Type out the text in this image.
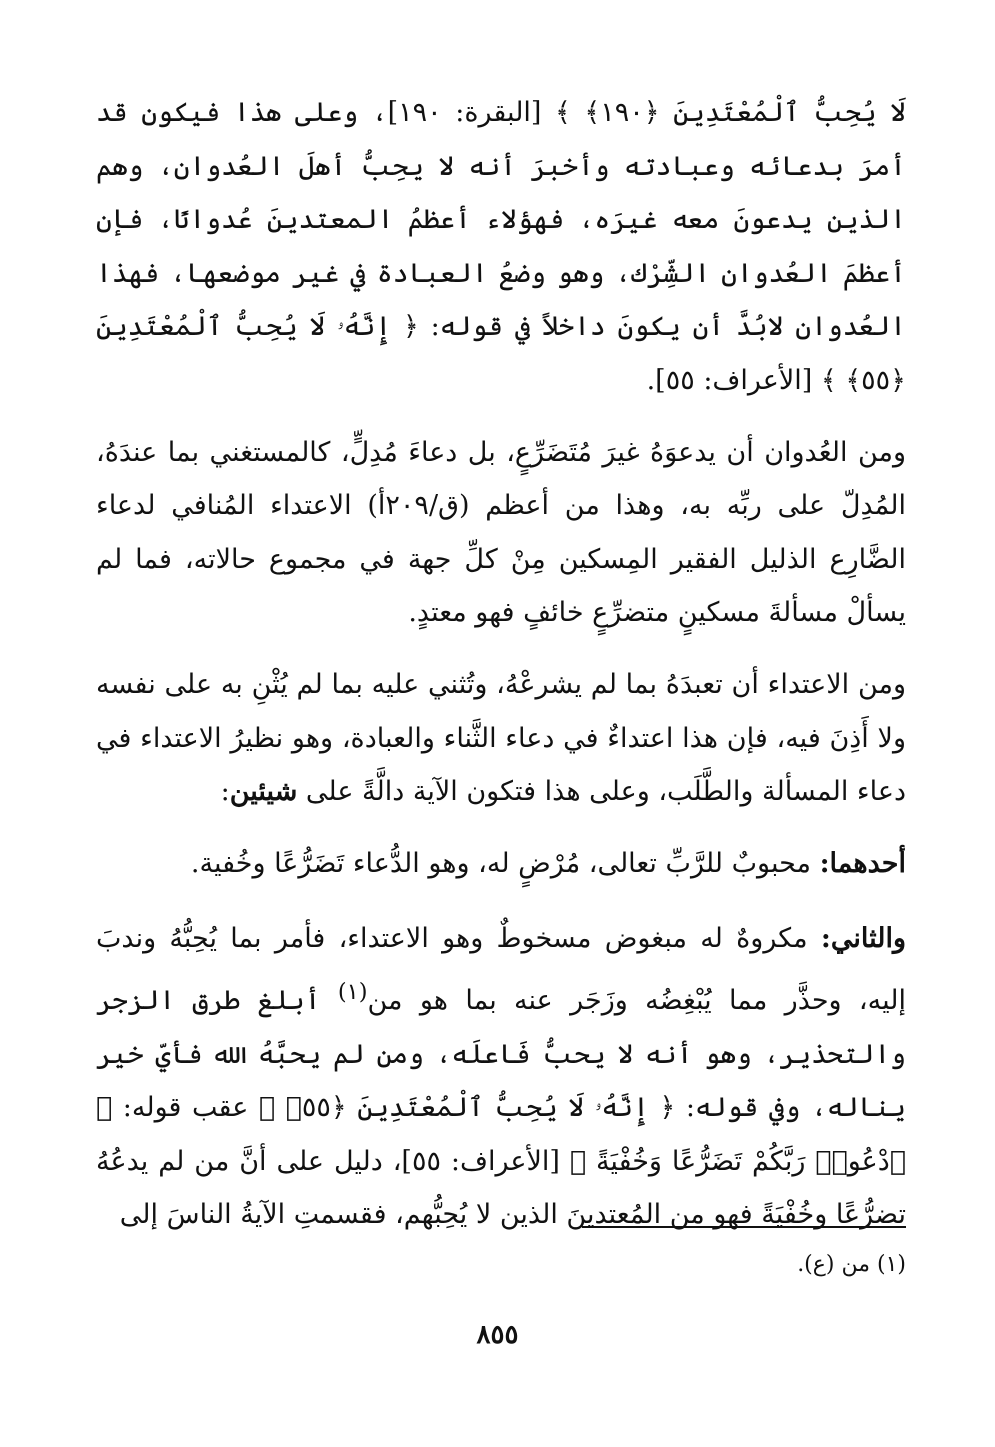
لَا يُحِبُّ ٱلْمُعْتَدِينَ ﴿١٩٠﴾ ﴾ [البقرة: ١٩٠]، وعلى هذا فيكون قد أمرَ بدعائه وعبادته وأخبرَ أنه لا يحِبُّ أهلَ العُدوان، وهم الذين يدعونَ معه غيرَه، فهؤلاء أعظمُ المعتدينَ عُدوانًا، فإن أعظمَ العُدوان الشِّرْك، وهو وضعُ العبادة في غير موضعها، فهذا العُدوان لابُدَّ أن يكونَ داخلاً في قوله: ﴿ إِنَّهُۥ لَا يُحِبُّ ٱلْمُعْتَدِينَ ﴿٥٥﴾ ﴾ [الأعراف: ٥٥].

ومن العُدوان أن يدعوَهُ غيرَ مُتَضَرِّعٍ، بل دعاءَ مُدِلٍّ، كالمستغني بما عندَهُ، المُدِلّ على ربِّه به، وهذا من أعظم (ق/٢٠٩أ) الاعتداء المُنافي لدعاء الضَّارِع الذليل الفقير المِسكين مِنْ كلِّ جهة في مجموع حالاته، فما لم يسألْ مسألةَ مسكينٍ متضرِّعٍ خائفٍ فهو معتدٍ.

ومن الاعتداء أن تعبدَهُ بما لم يشرعْهُ، وتُثني عليه بما لم يُثْنِ به على نفسه ولا أَذِنَ فيه، فإن هذا اعتداءٌ في دعاء الثَّناء والعبادة، وهو نظيرُ الاعتداء في دعاء المسألة والطَّلَب، وعلى هذا فتكون الآية دالَّةً على شيئين:

أحدهما: محبوبٌ للرَّبِّ تعالى، مُرْضٍ له، وهو الدُّعاء تَضَرُّعًا وخُفية.

والثاني: مكروهٌ له مبغوض مسخوطٌ وهو الاعتداء، فأمر بما يُحِبُّهُ وندبَ إليه، وحذَّر مما يُبْغِضُه وزَجَر عنه بما هو من$^{(١)}$ أبلغ طرق الزجر والتحذير، وهو أنه لا يحبُّ فَاعلَه، ومن لم يحبَّهُ الله فأيّ خير يناله، وفي قوله: ﴿ إِنَّهُۥ لَا يُحِبُّ ٱلْمُعْتَدِينَ ﴿٥٥﴾ ﴾ عقب قوله: ﴿ ٱدْعُوا۟ رَبَّكُمْ تَضَرُّعًا وَخُفْيَةً ﴾ [الأعراف: ٥٥]، دليل على أنَّ من لم يدعُهُ تضرُّعًا وخُفْيَةً فهو من المُعتدينَ الذين لا يُحِبُّهم، فقسمتِ الآيةُ الناسَ إلى

(١) من (ع).

٨٥٥
